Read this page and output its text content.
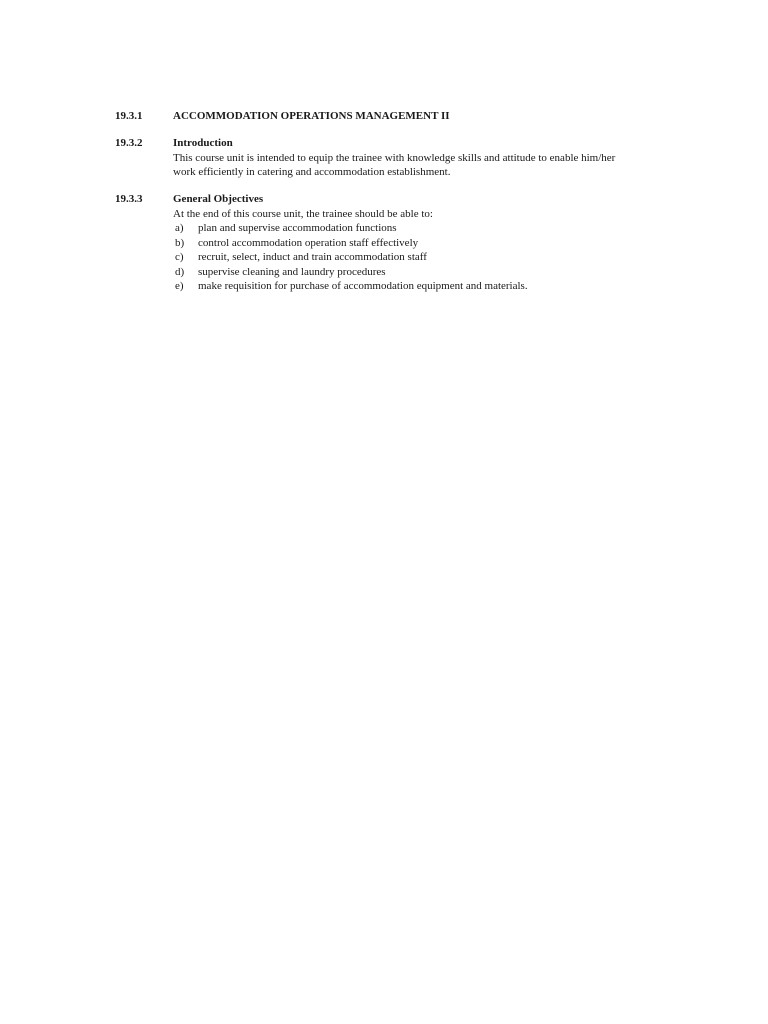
19.3.1	ACCOMMODATION OPERATIONS MANAGEMENT II
19.3.2	Introduction
This course unit is intended to equip the trainee with knowledge skills and attitude to enable him/her
work efficiently in catering and accommodation establishment.
19.3.3	General Objectives
At the end of this course unit, the trainee should be able to:
a) plan and supervise accommodation functions
b) control accommodation operation staff effectively
c) recruit, select, induct and train accommodation staff
d) supervise cleaning and laundry procedures
e) make requisition for purchase of accommodation equipment and materials.
